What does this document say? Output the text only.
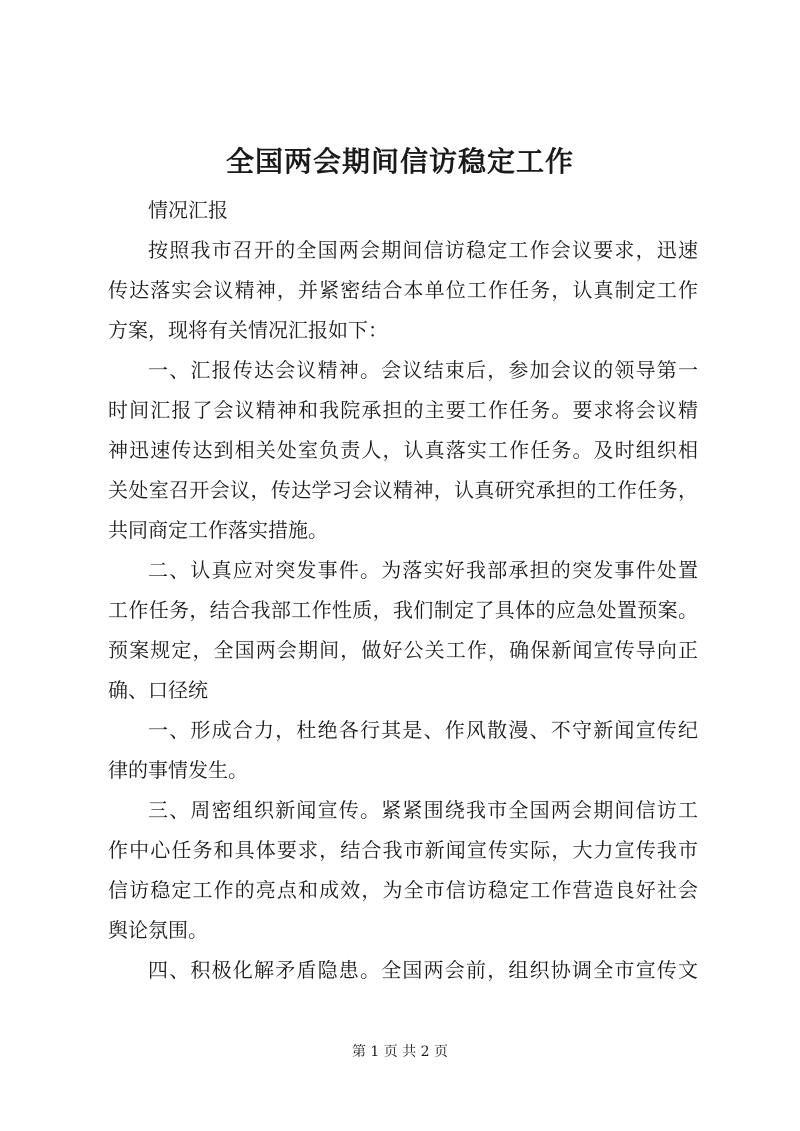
全国两会期间信访稳定工作
情况汇报
按照我市召开的全国两会期间信访稳定工作会议要求，迅速
传达落实会议精神，并紧密结合本单位工作任务，认真制定工作
方案，现将有关情况汇报如下：
一、汇报传达会议精神。会议结束后，参加会议的领导第一
时间汇报了会议精神和我院承担的主要工作任务。要求将会议精
神迅速传达到相关处室负责人，认真落实工作任务。及时组织相
关处室召开会议，传达学习会议精神，认真研究承担的工作任务，
共同商定工作落实措施。
二、认真应对突发事件。为落实好我部承担的突发事件处置
工作任务，结合我部工作性质，我们制定了具体的应急处置预案。
预案规定，全国两会期间，做好公关工作，确保新闻宣传导向正
确、口径统
一、形成合力，杜绝各行其是、作风散漫、不守新闻宣传纪
律的事情发生。
三、周密组织新闻宣传。紧紧围绕我市全国两会期间信访工
作中心任务和具体要求，结合我市新闻宣传实际，大力宣传我市
信访稳定工作的亮点和成效，为全市信访稳定工作营造良好社会
舆论氛围。
四、积极化解矛盾隐患。全国两会前，组织协调全市宣传文
第 1 页 共 2 页
